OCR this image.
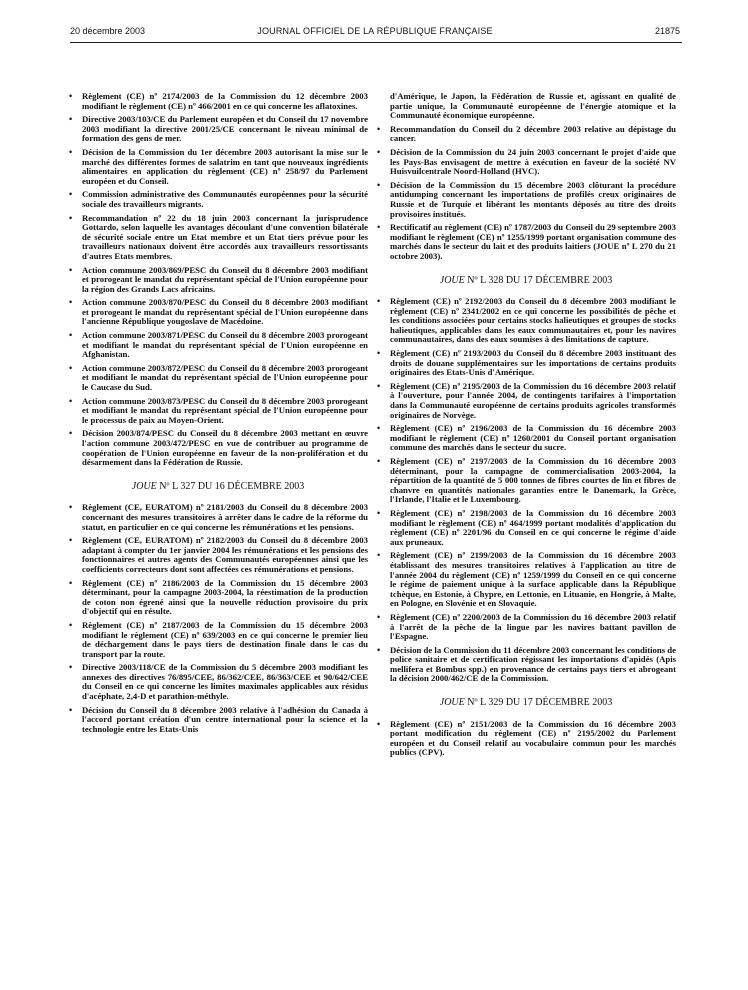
20 décembre 2003	JOURNAL OFFICIEL DE LA RÉPUBLIQUE FRANÇAISE	21875
• Règlement (CE) nº 2174/2003 de la Commission du 12 décembre 2003 modifiant le règlement (CE) nº 466/2001 en ce qui concerne les aflatoxines.
• Directive 2003/103/CE du Parlement européen et du Conseil du 17 novembre 2003 modifiant la directive 2001/25/CE concernant le niveau minimal de formation des gens de mer.
• Décision de la Commission du 1er décembre 2003 autorisant la mise sur le marché des différentes formes de salatrim en tant que nouveaux ingrédients alimentaires en application du règlement (CE) nº 258/97 du Parlement européen et du Conseil.
• Commission administrative des Communautés européennes pour la sécurité sociale des travailleurs migrants.
• Recommandation nº 22 du 18 juin 2003 concernant la jurisprudence Gottardo, selon laquelle les avantages découlant d'une convention bilatérale de sécurité sociale entre un Etat membre et un Etat tiers prévue pour les travailleurs nationaux doivent être accordés aux travailleurs ressortissants d'autres Etats membres.
• Action commune 2003/869/PESC du Conseil du 8 décembre 2003 modifiant et prorogeant le mandat du représentant spécial de l'Union européenne pour la région des Grands Lacs africains.
• Action commune 2003/870/PESC du Conseil du 8 décembre 2003 modifiant et prorogeant le mandat du représentant spécial de l'Union européenne dans l'ancienne République yougoslave de Macédoine.
• Action commune 2003/871/PESC du Conseil du 8 décembre 2003 prorogeant et modifiant le mandat du représentant spécial de l'Union européenne en Afghanistan.
• Action commune 2003/872/PESC du Conseil du 8 décembre 2003 prorogeant et modifiant le mandat du représentant spécial de l'Union européenne pour le Caucase du Sud.
• Action commune 2003/873/PESC du Conseil du 8 décembre 2003 prorogeant et modifiant le mandat du représentant spécial de l'Union européenne pour le processus de paix au Moyen-Orient.
• Décision 2003/874/PESC du Conseil du 8 décembre 2003 mettant en œuvre l'action commune 2003/472/PESC en vue de contribuer au programme de coopération de l'Union européenne en faveur de la non-prolifération et du désarmement dans la Fédération de Russie.
JOUE Nº L 327 DU 16 DÉCEMBRE 2003
• Règlement (CE, EURATOM) nº 2181/2003 du Conseil du 8 décembre 2003 concernant des mesures transitoires à arrêter dans le cadre de la réforme du statut, en particulier en ce qui concerne les rémunérations et les pensions.
• Règlement (CE, EURATOM) nº 2182/2003 du Conseil du 8 décembre 2003 adaptant à compter du 1er janvier 2004 les rémunérations et les pensions des fonctionnaires et autres agents des Communautés européennes ainsi que les coefficients correcteurs dont sont affectées ces rémunérations et pensions.
• Règlement (CE) nº 2186/2003 de la Commission du 15 décembre 2003 déterminant, pour la campagne 2003-2004, la réestimation de la production de coton non égrené ainsi que la nouvelle réduction provisoire du prix d'objectif qui en résulte.
• Règlement (CE) nº 2187/2003 de la Commission du 15 décembre 2003 modifiant le règlement (CE) nº 639/2003 en ce qui concerne le premier lieu de déchargement dans le pays tiers de destination finale dans le cas du transport par la route.
• Directive 2003/118/CE de la Commission du 5 décembre 2003 modifiant les annexes des directives 76/895/CEE, 86/362/CEE, 86/363/CEE et 90/642/CEE du Conseil en ce qui concerne les limites maximales applicables aux résidus d'acéphate, 2,4-D et parathion-méthyle.
• Décision du Conseil du 8 décembre 2003 relative à l'adhésion du Canada à l'accord portant création d'un centre international pour la science et la technologie entre les Etats-Unis
d'Amérique, le Japon, la Fédération de Russie et, agissant en qualité de partie unique, la Communauté européenne de l'énergie atomique et la Communauté économique européenne.
• Recommandation du Conseil du 2 décembre 2003 relative au dépistage du cancer.
• Décision de la Commission du 24 juin 2003 concernant le projet d'aide que les Pays-Bas envisagent de mettre à exécution en faveur de la société NV Huisvuilcentrale Noord-Holland (HVC).
• Décision de la Commission du 15 décembre 2003 clôturant la procédure antidumping concernant les importations de profilés creux originaires de Russie et de Turquie et libérant les montants déposés au titre des droits provisoires institués.
• Rectificatif au règlement (CE) nº 1787/2003 du Conseil du 29 septembre 2003 modifiant le règlement (CE) nº 1255/1999 portant organisation commune des marchés dans le secteur du lait et des produits laitiers (JOUE nº L 270 du 21 octobre 2003).
JOUE Nº L 328 DU 17 DÉCEMBRE 2003
• Règlement (CE) nº 2192/2003 du Conseil du 8 décembre 2003 modifiant le règlement (CE) nº 2341/2002 en ce qui concerne les possibilités de pêche et les conditions associées pour certains stocks halieutiques et groupes de stocks halieutiques, applicables dans les eaux communautaires et, pour les navires communautaires, dans des eaux soumises à des limitations de capture.
• Règlement (CE) nº 2193/2003 du Conseil du 8 décembre 2003 instituant des droits de douane supplémentaires sur les importations de certains produits originaires des Etats-Unis d'Amérique.
• Règlement (CE) nº 2195/2003 de la Commission du 16 décembre 2003 relatif à l'ouverture, pour l'année 2004, de contingents tarifaires à l'importation dans la Communauté européenne de certains produits agricoles transformés originaires de Norvège.
• Règlement (CE) nº 2196/2003 de la Commission du 16 décembre 2003 modifiant le règlement (CE) nº 1260/2001 du Conseil portant organisation commune des marchés dans le secteur du sucre.
• Règlement (CE) nº 2197/2003 de la Commission du 16 décembre 2003 déterminant, pour la campagne de commercialisation 2003-2004, la répartition de la quantité de 5 000 tonnes de fibres courtes de lin et fibres de chanvre en quantités nationales garanties entre le Danemark, la Grèce, l'Irlande, l'Italie et le Luxembourg.
• Règlement (CE) nº 2198/2003 de la Commission du 16 décembre 2003 modifiant le règlement (CE) nº 464/1999 portant modalités d'application du règlement (CE) nº 2201/96 du Conseil en ce qui concerne le régime d'aide aux pruneaux.
• Règlement (CE) nº 2199/2003 de la Commission du 16 décembre 2003 établissant des mesures transitoires relatives à l'application au titre de l'année 2004 du règlement (CE) nº 1259/1999 du Conseil en ce qui concerne le régime de paiement unique à la surface applicable dans la République tchèque, en Estonie, à Chypre, en Lettonie, en Lituanie, en Hongrie, à Malte, en Pologne, en Slovénie et en Slovaquie.
• Règlement (CE) nº 2200/2003 de la Commission du 16 décembre 2003 relatif à l'arrêt de la pêche de la lingue par les navires battant pavillon de l'Espagne.
• Décision de la Commission du 11 décembre 2003 concernant les conditions de police sanitaire et de certification régissant les importations d'apidés (Apis mellifera et Bombus spp.) en provenance de certains pays tiers et abrogeant la décision 2000/462/CE de la Commission.
JOUE Nº L 329 DU 17 DÉCEMBRE 2003
• Règlement (CE) nº 2151/2003 de la Commission du 16 décembre 2003 portant modification du règlement (CE) nº 2195/2002 du Parlement européen et du Conseil relatif au vocabulaire commun pour les marchés publics (CPV).
